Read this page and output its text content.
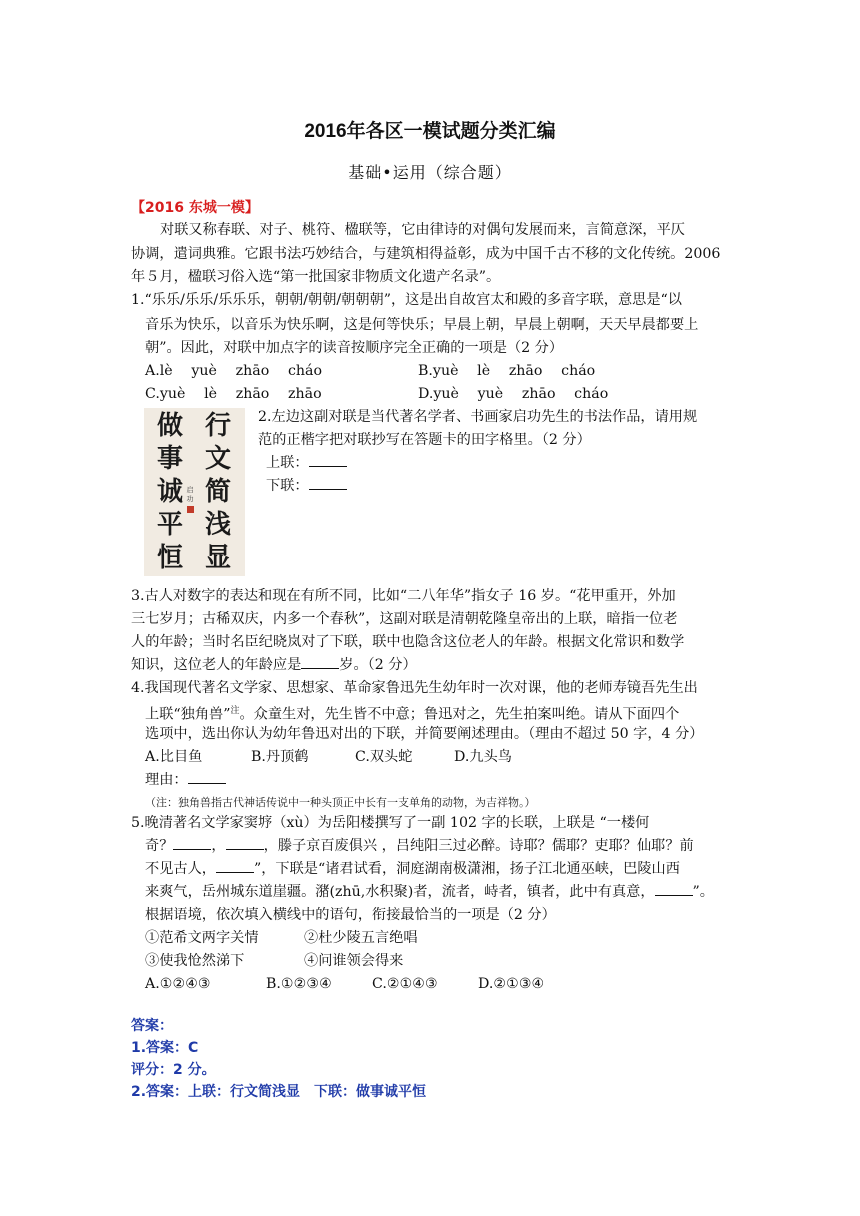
2016年各区一模试题分类汇编
基础•运用（综合题）
【2016 东城一模】
对联又称春联、对子、桃符、楹联等，它由律诗的对偶句发展而来，言简意深，平仄
协调，遣词典雅。它跟书法巧妙结合，与建筑相得益彰，成为中国千古不移的文化传统。2006
年５月，楹联习俗入选“第一批国家非物质文化遗产名录”。
1.“乐乐/乐乐/乐乐乐，朝朝/朝朝/朝朝朝”，这是出自故宫太和殿的多音字联，意思是“以
音乐为快乐，以音乐为快乐啊，这是何等快乐；早晨上朝，早晨上朝啊，天天早晨都要上
朝”。因此，对联中加点字的读音按顺序完全正确的一项是（2 分）
A.lè　 yuè　 zhāo　 cháo	B.yuè　 lè　 zhāo　 cháo
C.yuè　 lè　 zhāo　 zhāo	D.yuè　 yuè　 zhāo　 cháo
行文简浅显
做事诚平恒
启功
2.左边这副对联是当代著名学者、书画家启功先生的书法作品，请用规
范的正楷字把对联抄写在答题卡的田字格里。（2 分）
上联：
下联：
3.古人对数字的表达和现在有所不同，比如“二八年华”指女子 16 岁。“花甲重开，外加
三七岁月；古稀双庆，内多一个春秋”，这副对联是清朝乾隆皇帝出的上联，暗指一位老
人的年龄；当时名臣纪晓岚对了下联，联中也隐含这位老人的年龄。根据文化常识和数学
知识，这位老人的年龄应是	岁。（2 分）
4.我国现代著名文学家、思想家、革命家鲁迅先生幼年时一次对课，他的老师寿镜吾先生出
上联“独角兽”$^注$。众童生对，先生皆不中意；鲁迅对之，先生拍案叫绝。请从下面四个
选项中，选出你认为幼年鲁迅对出的下联，并简要阐述理由。（理由不超过 50 字，4 分）
A.比目鱼	B.丹顶鹤	C.双头蛇	D.九头鸟
理由：
（注：独角兽指古代神话传说中一种头顶正中长有一支单角的动物，为吉祥物。）
5.晚清著名文学家窦垿（xù）为岳阳楼撰写了一副 102 字的长联，上联是 “一楼何
奇？	，	，滕子京百废俱兴 ，吕纯阳三过必醉。诗耶？儒耶？吏耶？仙耶？前
不见古人，	”，下联是“诸君试看，洞庭湖南极潇湘，扬子江北通巫峡，巴陵山西
来爽气，岳州城东道崖疆。潴(zhū,水积聚)者，流者，峙者，镇者，此中有真意，	”。
根据语境，依次填入横线中的语句，衔接最恰当的一项是（2 分）
①范希文两字关情	②杜少陵五言绝唱
③使我怆然涕下	④问谁领会得来
A.①②④③	B.①②③④	C.②①④③	D.②①③④
答案：
1.答案：C
评分：2 分。
2.答案：上联：行文简浅显　下联：做事诚平恒
